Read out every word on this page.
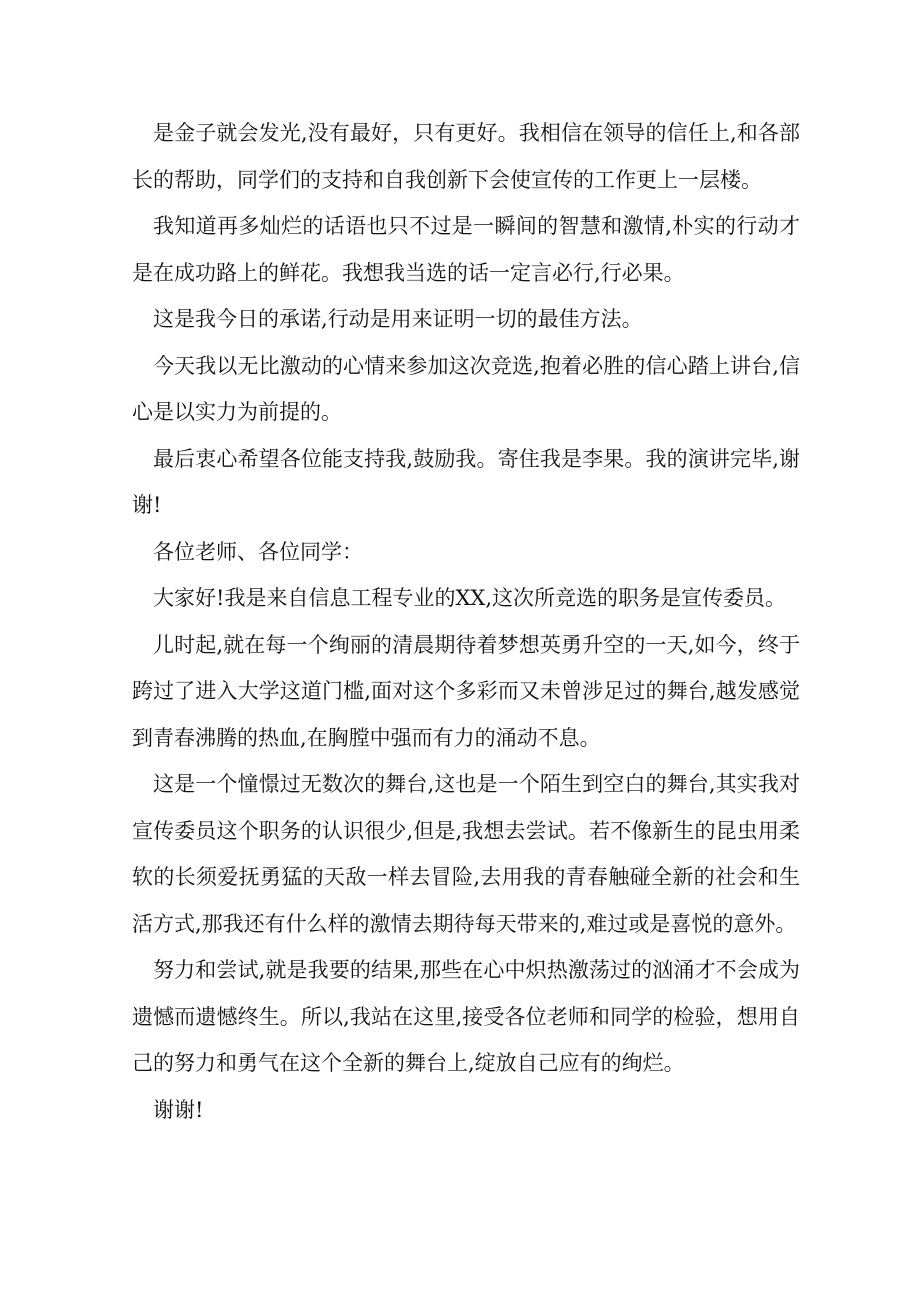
是金子就会发光,没有最好，只有更好。我相信在领导的信任上,和各部长的帮助，同学们的支持和自我创新下会使宣传的工作更上一层楼。

我知道再多灿烂的话语也只不过是一瞬间的智慧和激情,朴实的行动才是在成功路上的鲜花。我想我当选的话一定言必行,行必果。

这是我今日的承诺,行动是用来证明一切的最佳方法。

今天我以无比激动的心情来参加这次竞选,抱着必胜的信心踏上讲台,信心是以实力为前提的。

最后衷心希望各位能支持我,鼓励我。寄住我是李果。我的演讲完毕,谢谢!

各位老师、各位同学：

大家好!我是来自信息工程专业的XX,这次所竞选的职务是宣传委员。

儿时起,就在每一个绚丽的清晨期待着梦想英勇升空的一天,如今，终于跨过了进入大学这道门槛,面对这个多彩而又未曾涉足过的舞台,越发感觉到青春沸腾的热血,在胸膛中强而有力的涌动不息。

这是一个憧憬过无数次的舞台,这也是一个陌生到空白的舞台,其实我对宣传委员这个职务的认识很少,但是,我想去尝试。若不像新生的昆虫用柔软的长须爱抚勇猛的天敌一样去冒险,去用我的青春触碰全新的社会和生活方式,那我还有什么样的激情去期待每天带来的,难过或是喜悦的意外。

努力和尝试,就是我要的结果,那些在心中炽热激荡过的汹涌才不会成为遗憾而遗憾终生。所以,我站在这里,接受各位老师和同学的检验，想用自己的努力和勇气在这个全新的舞台上,绽放自己应有的绚烂。

谢谢!
